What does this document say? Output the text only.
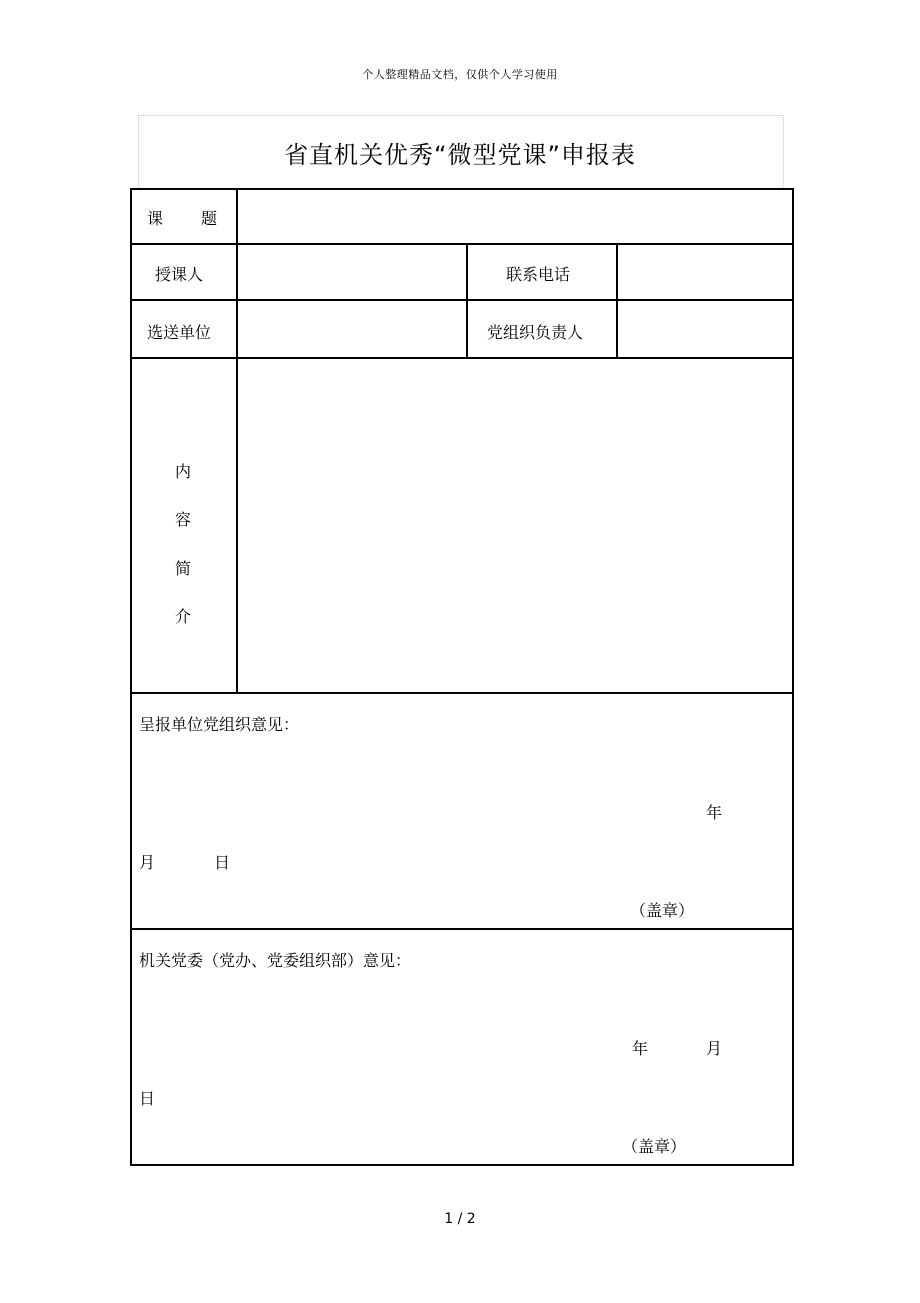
个人整理精品文档，仅供个人学习使用
省直机关优秀“微型党课”申报表
课 题
授课人	联系电话
选送单位	党组织负责人
内
容
简
介
呈报单位党组织意见：
年
月	日
（盖章）
机关党委（党办、党委组织部）意见：
年	月
日
（盖章）
1 / 2
